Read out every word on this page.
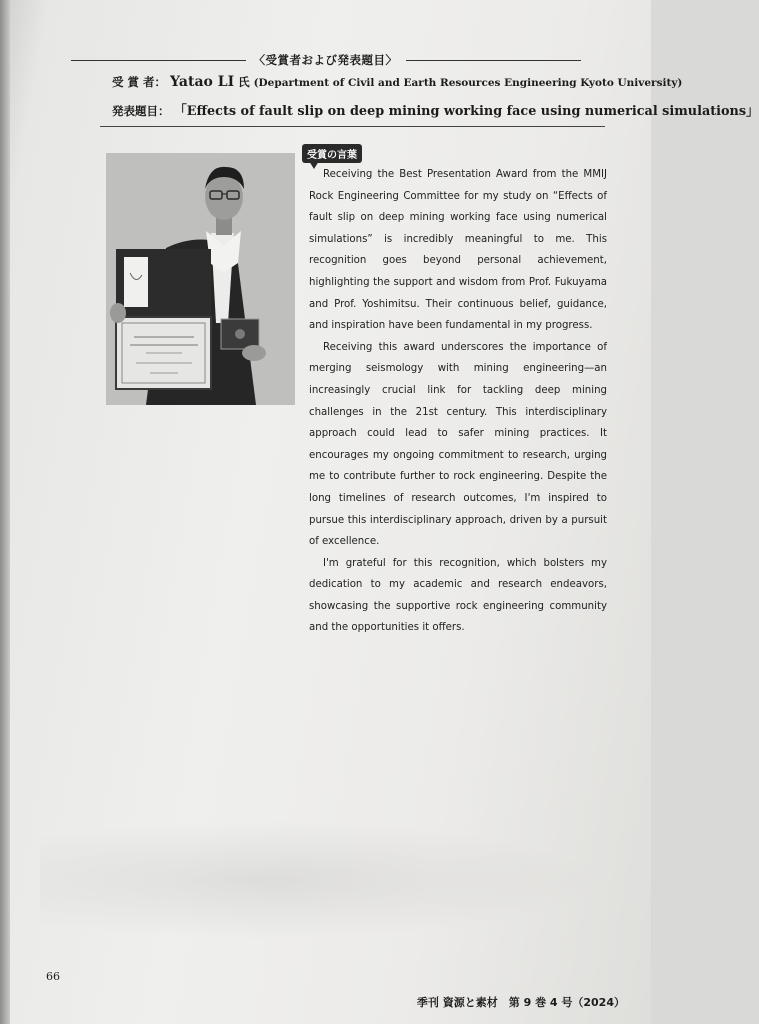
〈受賞者および発表題目〉
受 賞 者： Yatao LI 氏 (Department of Civil and Earth Resources Engineering Kyoto University)
発表題目： 「Effects of fault slip on deep mining working face using numerical simulations」
受賞の言葉

Receiving the Best Presentation Award from the MMIJ Rock Engineering Committee for my study on “Effects of fault slip on deep mining working face using numerical simulations” is incredibly meaningful to me. This recognition goes beyond personal achievement, highlighting the support and wisdom from Prof. Fukuyama and Prof. Yoshimitsu. Their continuous belief, guidance, and inspiration have been fundamental in my progress.

Receiving this award underscores the importance of merging seismology with mining engineering—an increasingly crucial link for tackling deep mining challenges in the 21st century. This interdisciplinary approach could lead to safer mining practices. It encourages my ongoing commitment to research, urging me to contribute further to rock engineering. Despite the long timelines of research outcomes, I'm inspired to pursue this interdisciplinary approach, driven by a pursuit of excellence.

I'm grateful for this recognition, which bolsters my dedication to my academic and research endeavors, showcasing the supportive rock engineering community and the opportunities it offers.

66
季刊 資源と素材　第 9 巻 4 号（2024）
